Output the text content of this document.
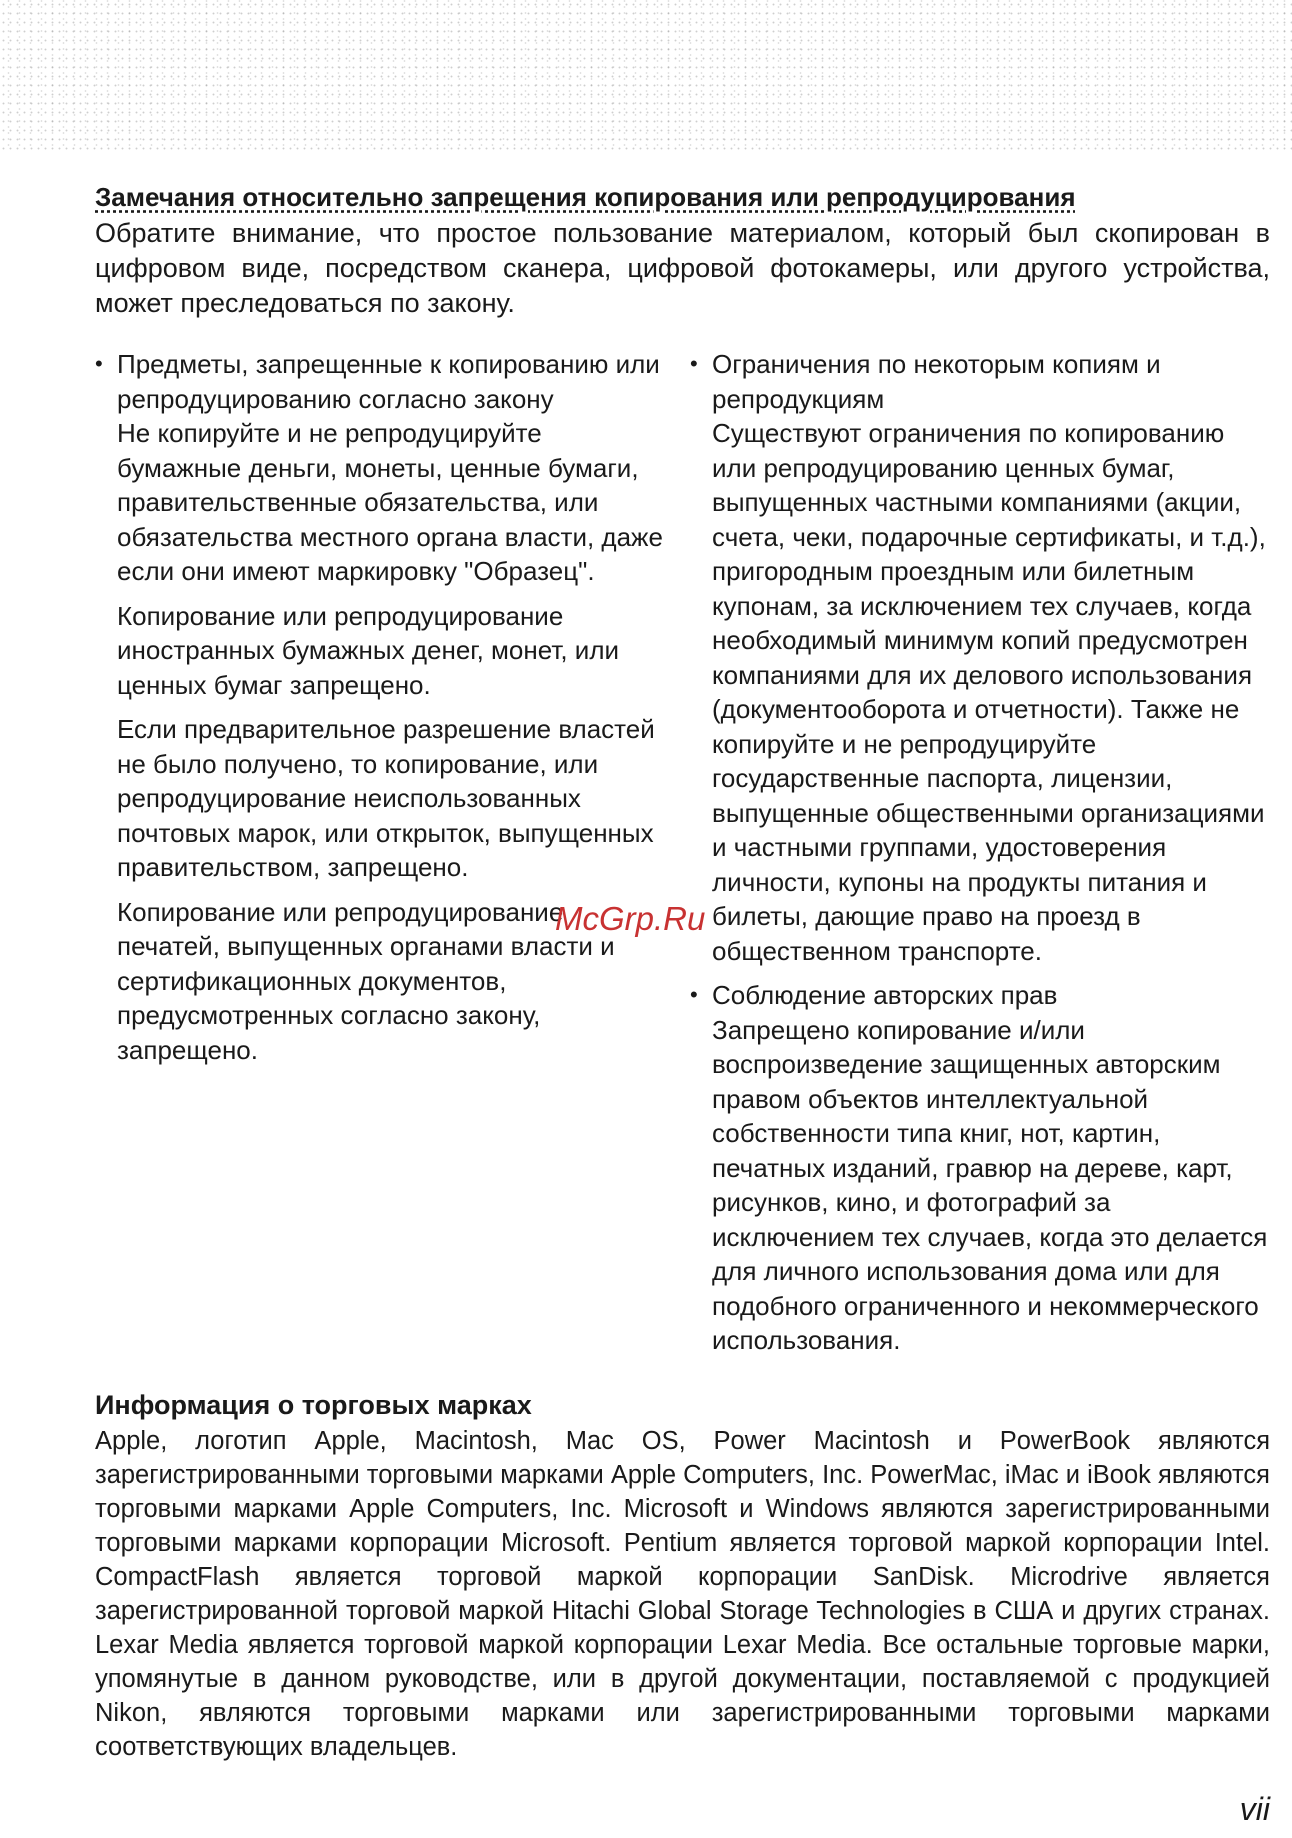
Замечания относительно запрещения копирования или репродуцирования

Обратите внимание, что простое пользование материалом, который был скопирован в цифровом виде, посредством сканера, цифровой фотокамеры, или другого устройства, может преследоваться по закону.

• Предметы, запрещенные к копированию или репродуцированию согласно закону

Не копируйте и не репродуцируйте бумажные деньги, монеты, ценные бумаги, правительственные обязательства, или обязательства местного органа власти, даже если они имеют маркировку "Образец".

Копирование или репродуцирование иностранных бумажных денег, монет, или ценных бумаг запрещено.

Если предварительное разрешение властей не было получено, то копирование, или репродуцирование неиспользованных почтовых марок, или открыток, выпущенных правительством, запрещено.

Копирование или репродуцирование печатей, выпущенных органами власти и сертификационных документов, предусмотренных согласно закону, запрещено.

• Ограничения по некоторым копиям и репродукциям

Существуют ограничения по копированию или репродуцированию ценных бумаг, выпущенных частными компаниями (акции, счета, чеки, подарочные сертификаты, и т.д.), пригородным проездным или билетным купонам, за исключением тех случаев, когда необходимый минимум копий предусмотрен компаниями для их делового использования (документооборота и отчетности). Также не копируйте и не репродуцируйте государственные паспорта, лицензии, выпущенные общественными организациями и частными группами, удостоверения личности, купоны на продукты питания и билеты, дающие право на проезд в общественном транспорте.

• Соблюдение авторских прав

Запрещено копирование и/или воспроизведение защищенных авторским правом объектов интеллектуальной собственности типа книг, нот, картин, печатных изданий, гравюр на дереве, карт, рисунков, кино, и фотографий за исключением тех случаев, когда это делается для личного использования дома или для подобного ограниченного и некоммерческого использования.

Информация о торговых марках

Apple, логотип Apple, Macintosh, Mac OS, Power Macintosh и PowerBook являются зарегистрированными торговыми марками Apple Computers, Inc. PowerMac, iMac и iBook являются торговыми марками Apple Computers, Inc. Microsoft и Windows являются зарегистрированными торговыми марками корпорации Microsoft. Pentium является торговой маркой корпорации Intel. CompactFlash является торговой маркой корпорации SanDisk. Microdrive является зарегистрированной торговой маркой Hitachi Global Storage Technologies в США и других странах. Lexar Media является торговой маркой корпорации Lexar Media. Все остальные торговые марки, упомянутые в данном руководстве, или в другой документации, поставляемой с продукцией Nikon, являются торговыми марками или зарегистрированными торговыми марками соответствующих владельцев.

McGrp.Ru
vii
